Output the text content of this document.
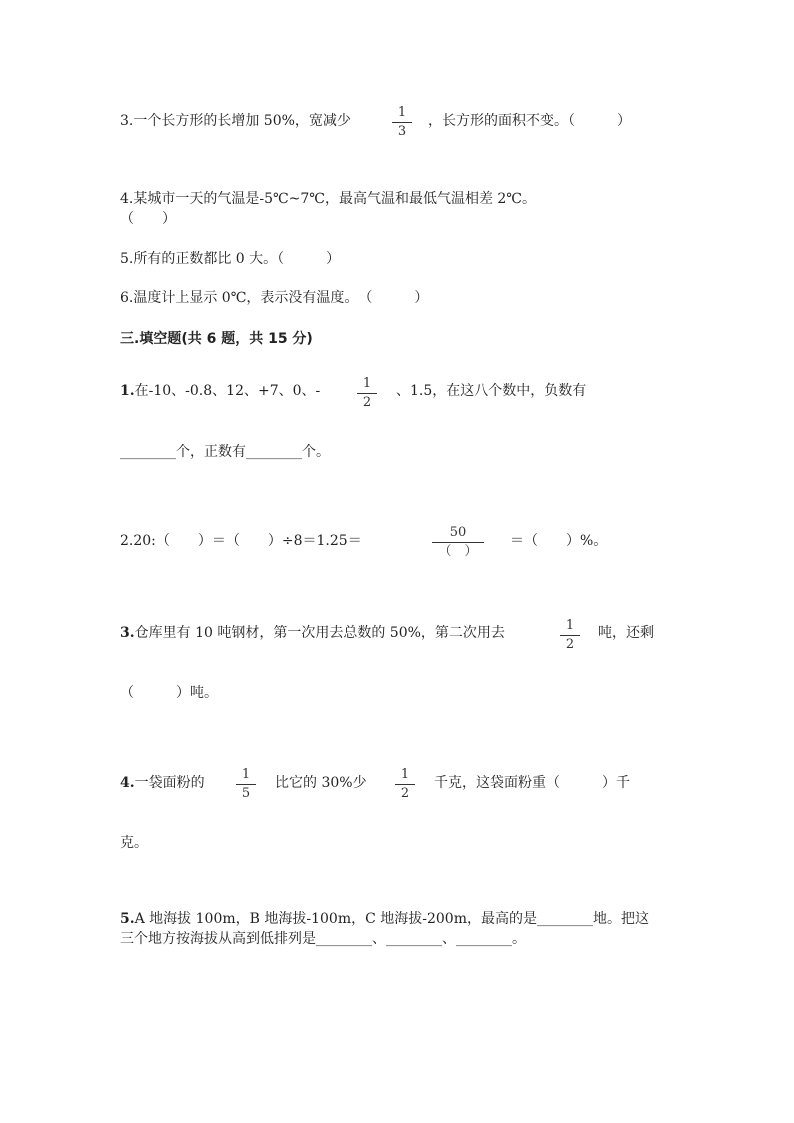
3.一个长方形的长增加 50%，宽减少
1
3
，长方形的面积不变。（　　　）
4.某城市一天的气温是-5℃~7℃，最高气温和最低气温相差 2℃。
（　　）
5.所有的正数都比 0 大。（　　　）
6.温度计上显示 0℃，表示没有温度。　（　　　）
三.填空题(共 6 题，共 15 分)
1.在-10、-0.8、12、+7、0、-	1
2
、1.5，在这八个数中，负数有
________个，正数有________个。
2.20:（　　）＝（　　）÷8＝1.25＝
50
（　）
＝（　　）%。
3.仓库里有 10 吨钢材，第一次用去总数的 50%，第二次用去	1
2
吨，还剩
（　　　）吨。
4.一袋面粉的
1
5
比它的 30%少
1
2
千克，这袋面粉重（　　　）千
克。
5.A 地海拔 100m，B 地海拔-100m，C 地海拔-200m，最高的是________地。把这
三个地方按海拔从高到低排列是________、________、________。
